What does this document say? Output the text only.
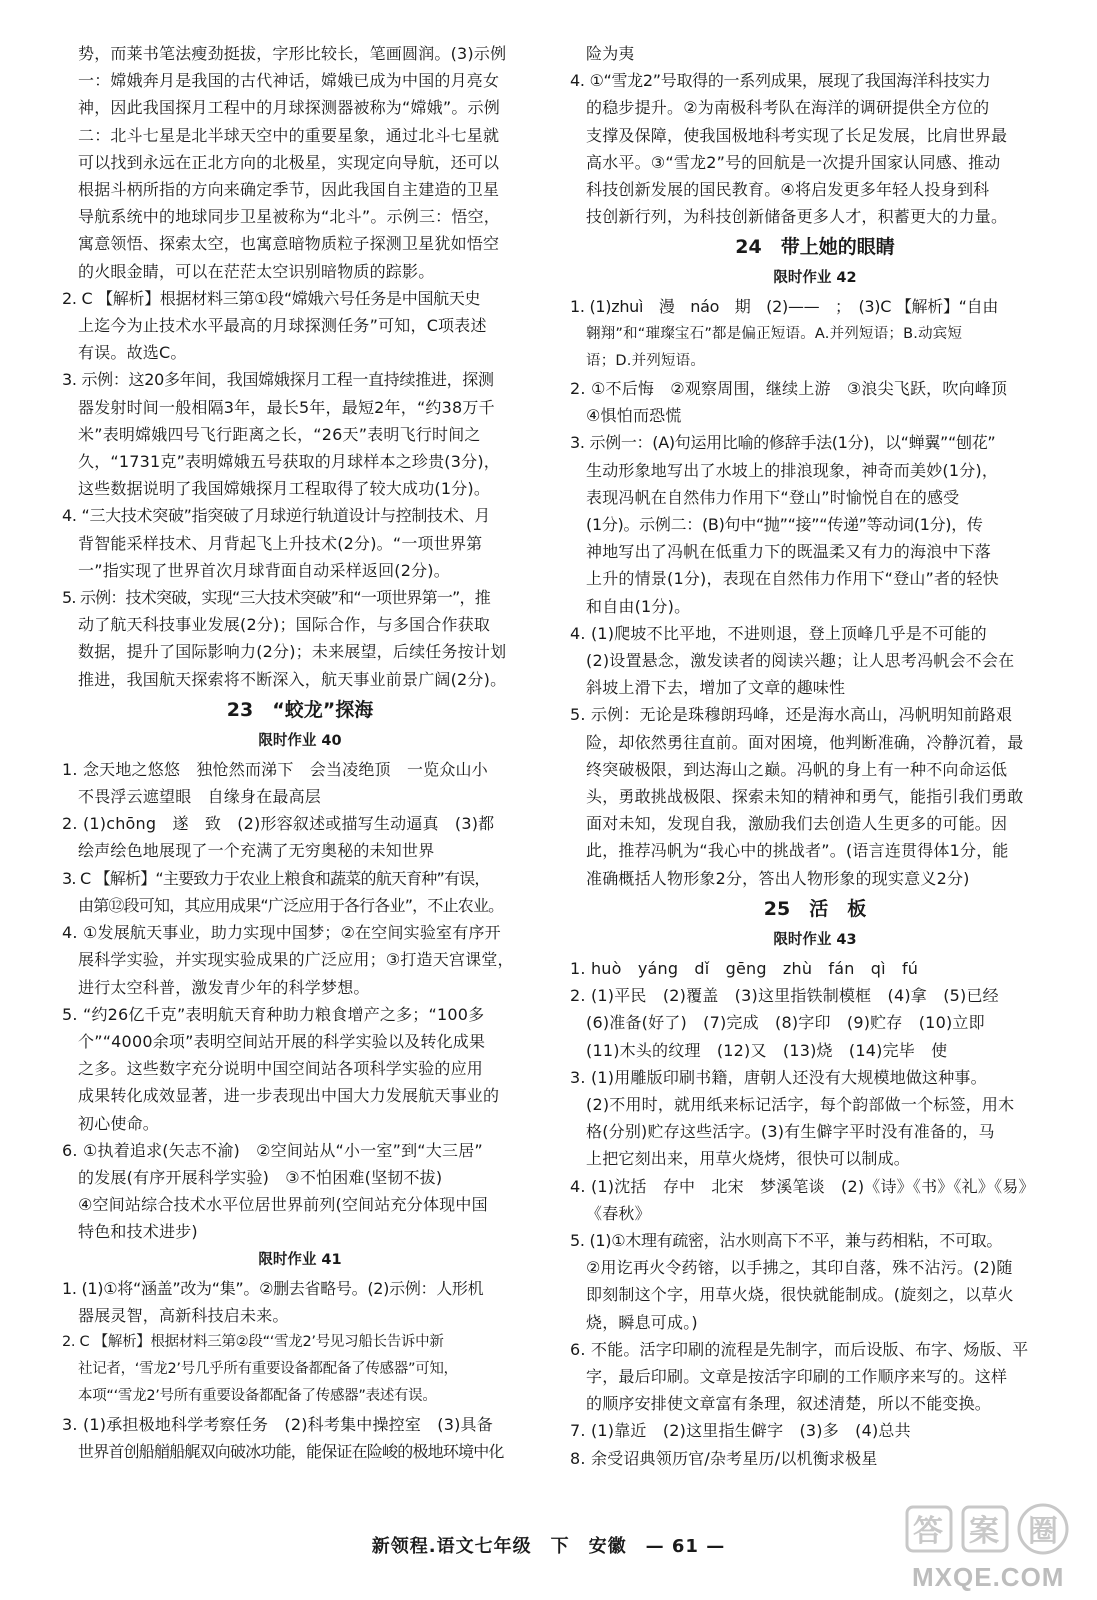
势，而莱书笔法瘦劲挺拔，字形比较长，笔画圆润。(3)示例
一：嫦娥奔月是我国的古代神话，嫦娥已成为中国的月亮女
神，因此我国探月工程中的月球探测器被称为“嫦娥”。示例
二：北斗七星是北半球天空中的重要星象，通过北斗七星就
可以找到永远在正北方向的北极星，实现定向导航，还可以
根据斗柄所指的方向来确定季节，因此我国自主建造的卫星
导航系统中的地球同步卫星被称为“北斗”。示例三：悟空，
寓意领悟、探索太空，也寓意暗物质粒子探测卫星犹如悟空
的火眼金睛，可以在茫茫太空识别暗物质的踪影。
2. C 【解析】根据材料三第①段“嫦娥六号任务是中国航天史
上迄今为止技术水平最高的月球探测任务”可知，C项表述
有误。故选C。
3. 示例：这20多年间，我国嫦娥探月工程一直持续推进，探测
器发射时间一般相隔3年，最长5年，最短2年，“约38万千
米”表明嫦娥四号飞行距离之长，“26天”表明飞行时间之
久，“1731克”表明嫦娥五号获取的月球样本之珍贵(3分)，
这些数据说明了我国嫦娥探月工程取得了较大成功(1分)。
4. “三大技术突破”指突破了月球逆行轨道设计与控制技术、月
背智能采样技术、月背起飞上升技术(2分)。“一项世界第
一”指实现了世界首次月球背面自动采样返回(2分)。
5. 示例：技术突破，实现“三大技术突破”和“一项世界第一”，推
动了航天科技事业发展(2分)；国际合作，与多国合作获取
数据，提升了国际影响力(2分)；未来展望，后续任务按计划
推进，我国航天探索将不断深入，航天事业前景广阔(2分)。
23　“蛟龙”探海
限时作业 40
1. 念天地之悠悠　独怆然而涕下　会当凌绝顶　一览众山小
不畏浮云遮望眼　自缘身在最高层
2. (1)chōng　遂　致　(2)形容叙述或描写生动逼真　(3)都
绘声绘色地展现了一个充满了无穷奥秘的未知世界
3. C 【解析】“主要致力于农业上粮食和蔬菜的航天育种”有误，
由第⑫段可知，其应用成果“广泛应用于各行各业”，不止农业。
4. ①发展航天事业，助力实现中国梦；②在空间实验室有序开
展科学实验，并实现实验成果的广泛应用；③打造天宫课堂，
进行太空科普，激发青少年的科学梦想。
5. “约26亿千克”表明航天育种助力粮食增产之多；“100多
个”“4000余项”表明空间站开展的科学实验以及转化成果
之多。这些数字充分说明中国空间站各项科学实验的应用
成果转化成效显著，进一步表现出中国大力发展航天事业的
初心使命。
6. ①执着追求(矢志不渝)　②空间站从“小一室”到“大三居”
的发展(有序开展科学实验)　③不怕困难(坚韧不拔)
④空间站综合技术水平位居世界前列(空间站充分体现中国
特色和技术进步)
限时作业 41
1. (1)①将“涵盖”改为“集”。②删去省略号。(2)示例：人形机
器展灵智，高新科技启未来。
2. C 【解析】根据材料三第②段“‘雪龙2’号见习船长告诉中新
社记者，‘雪龙2’号几乎所有重要设备都配备了传感器”可知，
本项“‘雪龙2’号所有重要设备都配备了传感器”表述有误。
3. (1)承担极地科学考察任务　(2)科考集中操控室　(3)具备
世界首创船艏船艉双向破冰功能，能保证在险峻的极地环境中化
险为夷
4. ①“雪龙2”号取得的一系列成果，展现了我国海洋科技实力
的稳步提升。②为南极科考队在海洋的调研提供全方位的
支撑及保障，使我国极地科考实现了长足发展，比肩世界最
高水平。③“雪龙2”号的回航是一次提升国家认同感、推动
科技创新发展的国民教育。④将启发更多年轻人投身到科
技创新行列，为科技创新储备更多人才，积蓄更大的力量。
24　带上她的眼睛
限时作业 42
1. (1)zhuì　漫　náo　期　(2)——　；　(3)C 【解析】“自由
翱翔”和“璀璨宝石”都是偏正短语。A.并列短语；B.动宾短
语；D.并列短语。
2. ①不后悔　②观察周围，继续上游　③浪尖飞跃，吹向峰顶
④惧怕而恐慌
3. 示例一：(A)句运用比喻的修辞手法(1分)，以“蝉翼”“刨花”
生动形象地写出了水坡上的排浪现象，神奇而美妙(1分)，
表现冯帆在自然伟力作用下“登山”时愉悦自在的感受
(1分)。示例二：(B)句中“抛”“接”“传递”等动词(1分)，传
神地写出了冯帆在低重力下的既温柔又有力的海浪中下落
上升的情景(1分)，表现在自然伟力作用下“登山”者的轻快
和自由(1分)。
4. (1)爬坡不比平地，不进则退，登上顶峰几乎是不可能的
(2)设置悬念，激发读者的阅读兴趣；让人思考冯帆会不会在
斜坡上滑下去，增加了文章的趣味性
5. 示例：无论是珠穆朗玛峰，还是海水高山，冯帆明知前路艰
险，却依然勇往直前。面对困境，他判断准确，冷静沉着，最
终突破极限，到达海山之巅。冯帆的身上有一种不向命运低
头，勇敢挑战极限、探索未知的精神和勇气，能指引我们勇敢
面对未知，发现自我，激励我们去创造人生更多的可能。因
此，推荐冯帆为“我心中的挑战者”。(语言连贯得体1分，能
准确概括人物形象2分，答出人物形象的现实意义2分)
25　活　板
限时作业 43
1. huò　yáng　dǐ　gēng　zhù　fán　qì　fú
2. (1)平民　(2)覆盖　(3)这里指铁制模框　(4)拿　(5)已经
(6)准备(好了)　(7)完成　(8)字印　(9)贮存　(10)立即
(11)木头的纹理　(12)又　(13)烧　(14)完毕　使
3. (1)用雕版印刷书籍，唐朝人还没有大规模地做这种事。
(2)不用时，就用纸来标记活字，每个韵部做一个标签，用木
格(分别)贮存这些活字。(3)有生僻字平时没有准备的，马
上把它刻出来，用草火烧烤，很快可以制成。
4. (1)沈括　存中　北宋　梦溪笔谈　(2)《诗》《书》《礼》《易》
《春秋》
5. (1)①木理有疏密，沾水则高下不平，兼与药相粘，不可取。
②用讫再火令药镕，以手拂之，其印自落，殊不沾污。(2)随
即刻制这个字，用草火烧，很快就能制成。(旋刻之，以草火
烧，瞬息可成。)
6. 不能。活字印刷的流程是先制字，而后设版、布字、炀版、平
字，最后印刷。文章是按活字印刷的工作顺序来写的。这样
的顺序安排使文章富有条理，叙述清楚，所以不能变换。
7. (1)靠近　(2)这里指生僻字　(3)多　(4)总共
8. 余受诏典领历官/杂考星历/以机衡求极星
新领程.语文七年级　下　安徽　— 61 —	答 案 圈
MXQE.COM
